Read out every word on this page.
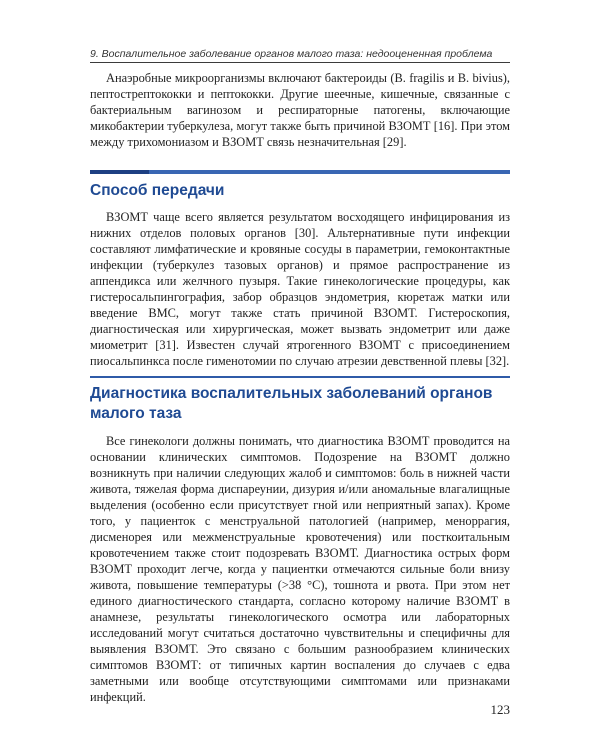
9. Воспалительное заболевание органов малого таза: недооцененная проблема

Анаэробные микроорганизмы включают бактероиды (B. fragilis и B. bivius), пептострептококки и пептококки. Другие шеечные, кишечные, связанные с бактериальным вагинозом и респираторные патогены, включающие микобактерии туберкулеза, могут также быть причиной ВЗОМТ [16]. При этом между трихомониазом и ВЗОМТ связь незначительная [29].

Способ передачи

ВЗОМТ чаще всего является результатом восходящего инфицирования из нижних отделов половых органов [30]. Альтернативные пути инфекции составляют лимфатические и кровяные сосуды в параметрии, гемоконтактные инфекции (туберкулез тазовых органов) и прямое распространение из аппендикса или желчного пузыря. Такие гинекологические процедуры, как гистеросальпингография, забор образцов эндометрия, кюретаж матки или введение ВМС, могут также стать причиной ВЗОМТ. Гистероскопия, диагностическая или хирургическая, может вызвать эндометрит или даже миометрит [31]. Известен случай ятрогенного ВЗОМТ с присоединением пиосальпинкса после гименотомии по случаю атрезии девственной плевы [32].

Диагностика воспалительных заболеваний органов малого таза

Все гинекологи должны понимать, что диагностика ВЗОМТ проводится на основании клинических симптомов. Подозрение на ВЗОМТ должно возникнуть при наличии следующих жалоб и симптомов: боль в нижней части живота, тяжелая форма диспареунии, дизурия и/или аномальные влагалищные выделения (особенно если присутствует гной или неприятный запах). Кроме того, у пациенток с менструальной патологией (например, меноррагия, дисменорея или межменструальные кровотечения) или посткоитальным кровотечением также стоит подозревать ВЗОМТ. Диагностика острых форм ВЗОМТ проходит легче, когда у пациентки отмечаются сильные боли внизу живота, повышение температуры (>38 °С), тошнота и рвота. При этом нет единого диагностического стандарта, согласно которому наличие ВЗОМТ в анамнезе, результаты гинекологического осмотра или лабораторных исследований могут считаться достаточно чувствительны и специфичны для выявления ВЗОМТ. Это связано с большим разнообразием клинических симптомов ВЗОМТ: от типичных картин воспаления до случаев с едва заметными или вообще отсутствующими симптомами или признаками инфекций.

123
